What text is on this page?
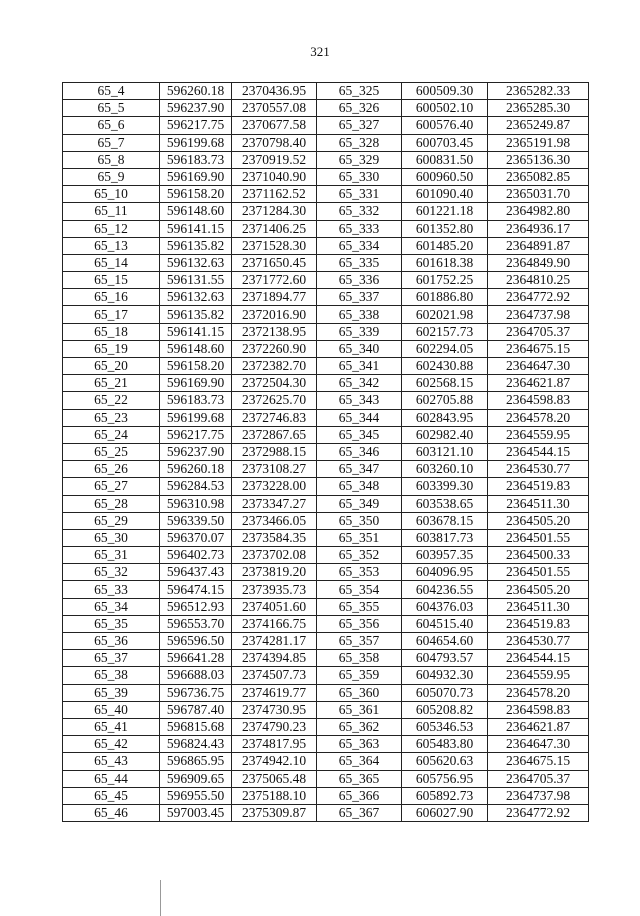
321
65_4	596260.18	2370436.95	65_325	600509.30	2365282.33
65_5	596237.90	2370557.08	65_326	600502.10	2365285.30
65_6	596217.75	2370677.58	65_327	600576.40	2365249.87
65_7	596199.68	2370798.40	65_328	600703.45	2365191.98
65_8	596183.73	2370919.52	65_329	600831.50	2365136.30
65_9	596169.90	2371040.90	65_330	600960.50	2365082.85
65_10	596158.20	2371162.52	65_331	601090.40	2365031.70
65_11	596148.60	2371284.30	65_332	601221.18	2364982.80
65_12	596141.15	2371406.25	65_333	601352.80	2364936.17
65_13	596135.82	2371528.30	65_334	601485.20	2364891.87
65_14	596132.63	2371650.45	65_335	601618.38	2364849.90
65_15	596131.55	2371772.60	65_336	601752.25	2364810.25
65_16	596132.63	2371894.77	65_337	601886.80	2364772.92
65_17	596135.82	2372016.90	65_338	602021.98	2364737.98
65_18	596141.15	2372138.95	65_339	602157.73	2364705.37
65_19	596148.60	2372260.90	65_340	602294.05	2364675.15
65_20	596158.20	2372382.70	65_341	602430.88	2364647.30
65_21	596169.90	2372504.30	65_342	602568.15	2364621.87
65_22	596183.73	2372625.70	65_343	602705.88	2364598.83
65_23	596199.68	2372746.83	65_344	602843.95	2364578.20
65_24	596217.75	2372867.65	65_345	602982.40	2364559.95
65_25	596237.90	2372988.15	65_346	603121.10	2364544.15
65_26	596260.18	2373108.27	65_347	603260.10	2364530.77
65_27	596284.53	2373228.00	65_348	603399.30	2364519.83
65_28	596310.98	2373347.27	65_349	603538.65	2364511.30
65_29	596339.50	2373466.05	65_350	603678.15	2364505.20
65_30	596370.07	2373584.35	65_351	603817.73	2364501.55
65_31	596402.73	2373702.08	65_352	603957.35	2364500.33
65_32	596437.43	2373819.20	65_353	604096.95	2364501.55
65_33	596474.15	2373935.73	65_354	604236.55	2364505.20
65_34	596512.93	2374051.60	65_355	604376.03	2364511.30
65_35	596553.70	2374166.75	65_356	604515.40	2364519.83
65_36	596596.50	2374281.17	65_357	604654.60	2364530.77
65_37	596641.28	2374394.85	65_358	604793.57	2364544.15
65_38	596688.03	2374507.73	65_359	604932.30	2364559.95
65_39	596736.75	2374619.77	65_360	605070.73	2364578.20
65_40	596787.40	2374730.95	65_361	605208.82	2364598.83
65_41	596815.68	2374790.23	65_362	605346.53	2364621.87
65_42	596824.43	2374817.95	65_363	605483.80	2364647.30
65_43	596865.95	2374942.10	65_364	605620.63	2364675.15
65_44	596909.65	2375065.48	65_365	605756.95	2364705.37
65_45	596955.50	2375188.10	65_366	605892.73	2364737.98
65_46	597003.45	2375309.87	65_367	606027.90	2364772.92
